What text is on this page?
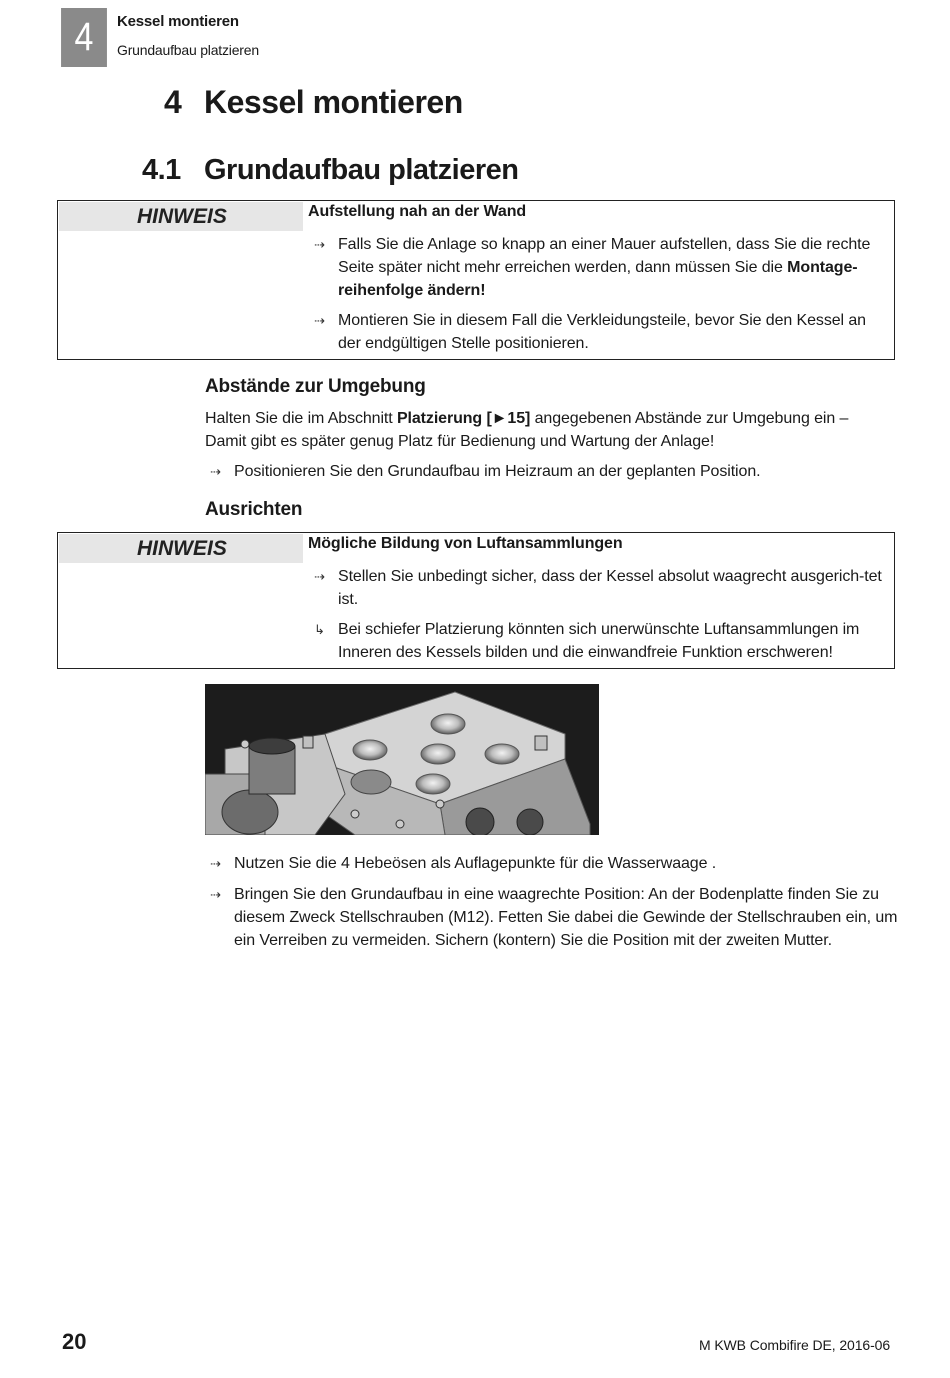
4	Kessel montieren
Grundaufbau platzieren
4 Kessel montieren
4.1 Grundaufbau platzieren
HINWEIS	Aufstellung nah an der Wand
⇢ Falls Sie die Anlage so knapp an einer Mauer aufstellen, dass Sie die rechte Seite später nicht mehr erreichen werden, dann müssen Sie die Montage-reihenfolge ändern!
⇢ Montieren Sie in diesem Fall die Verkleidungsteile, bevor Sie den Kessel an der endgültigen Stelle positionieren.
Abstände zur Umgebung
Halten Sie die im Abschnitt Platzierung [►15] angegebenen Abstände zur Umgebung ein – Damit gibt es später genug Platz für Bedienung und Wartung der Anlage!
⇢ Positionieren Sie den Grundaufbau im Heizraum an der geplanten Position.
Ausrichten
HINWEIS	Mögliche Bildung von Luftansammlungen
⇢ Stellen Sie unbedingt sicher, dass der Kessel absolut waagrecht ausgerich-tet ist.
↳ Bei schiefer Platzierung könnten sich unerwünschte Luftansammlungen im Inneren des Kessels bilden und die einwandfreie Funktion erschweren!
⇢ Nutzen Sie die 4 Hebeösen als Auflagepunkte für die Wasserwaage .
⇢ Bringen Sie den Grundaufbau in eine waagrechte Position: An der Bodenplatte finden Sie zu diesem Zweck Stellschrauben (M12). Fetten Sie dabei die Gewinde der Stellschrauben ein, um ein Verreiben zu vermeiden. Sichern (kontern) Sie die Position mit der zweiten Mutter.
20	M KWB Combifire DE, 2016-06
